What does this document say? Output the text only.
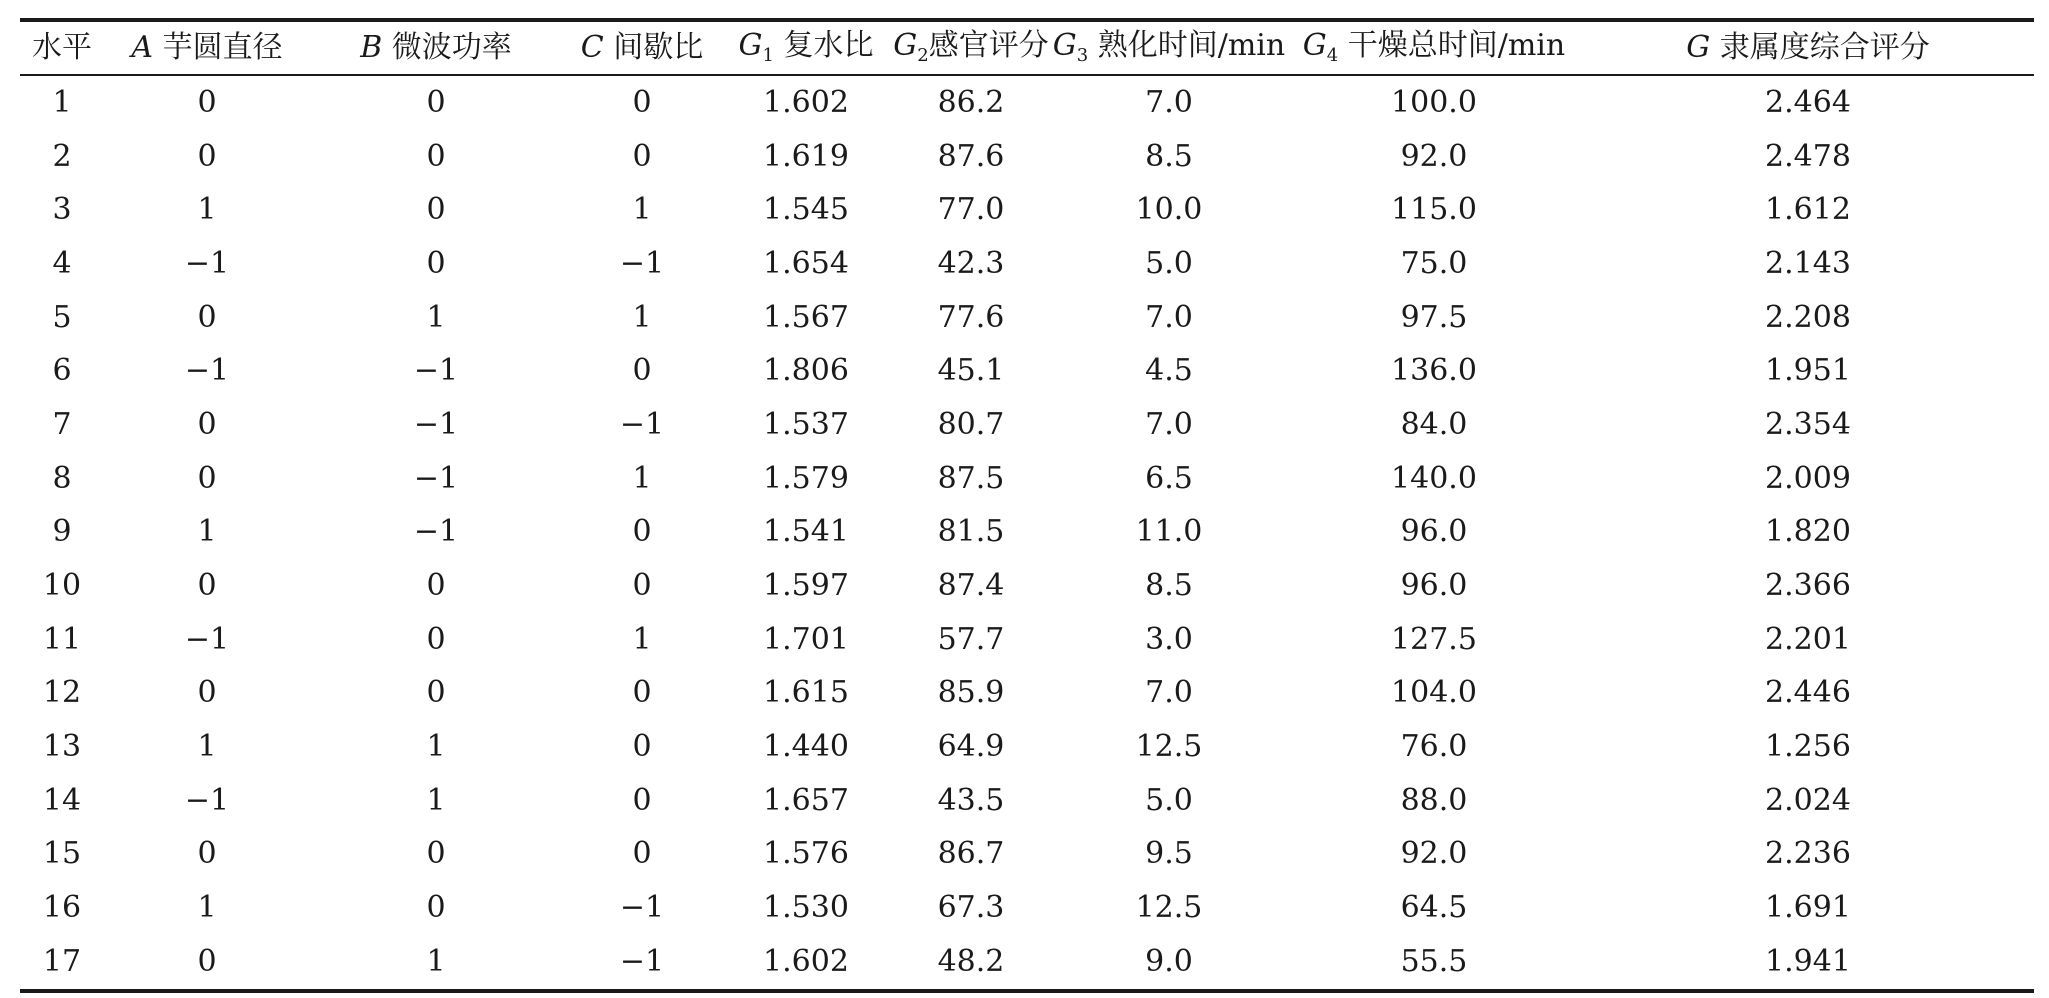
水平	A 芋圆直径	B 微波功率	C 间歇比	$G_1$ 复水比	$G_2$感官评分	$G_3$ 熟化时间/min	$G_4$ 干燥总时间/min	G 隶属度综合评分
1	0	0	0	1.602	86.2	7.0	100.0	2.464
2	0	0	0	1.619	87.6	8.5	92.0	2.478
3	1	0	1	1.545	77.0	10.0	115.0	1.612
4	−1	0	−1	1.654	42.3	5.0	75.0	2.143
5	0	1	1	1.567	77.6	7.0	97.5	2.208
6	−1	−1	0	1.806	45.1	4.5	136.0	1.951
7	0	−1	−1	1.537	80.7	7.0	84.0	2.354
8	0	−1	1	1.579	87.5	6.5	140.0	2.009
9	1	−1	0	1.541	81.5	11.0	96.0	1.820
10	0	0	0	1.597	87.4	8.5	96.0	2.366
11	−1	0	1	1.701	57.7	3.0	127.5	2.201
12	0	0	0	1.615	85.9	7.0	104.0	2.446
13	1	1	0	1.440	64.9	12.5	76.0	1.256
14	−1	1	0	1.657	43.5	5.0	88.0	2.024
15	0	0	0	1.576	86.7	9.5	92.0	2.236
16	1	0	−1	1.530	67.3	12.5	64.5	1.691
17	0	1	−1	1.602	48.2	9.0	55.5	1.941
